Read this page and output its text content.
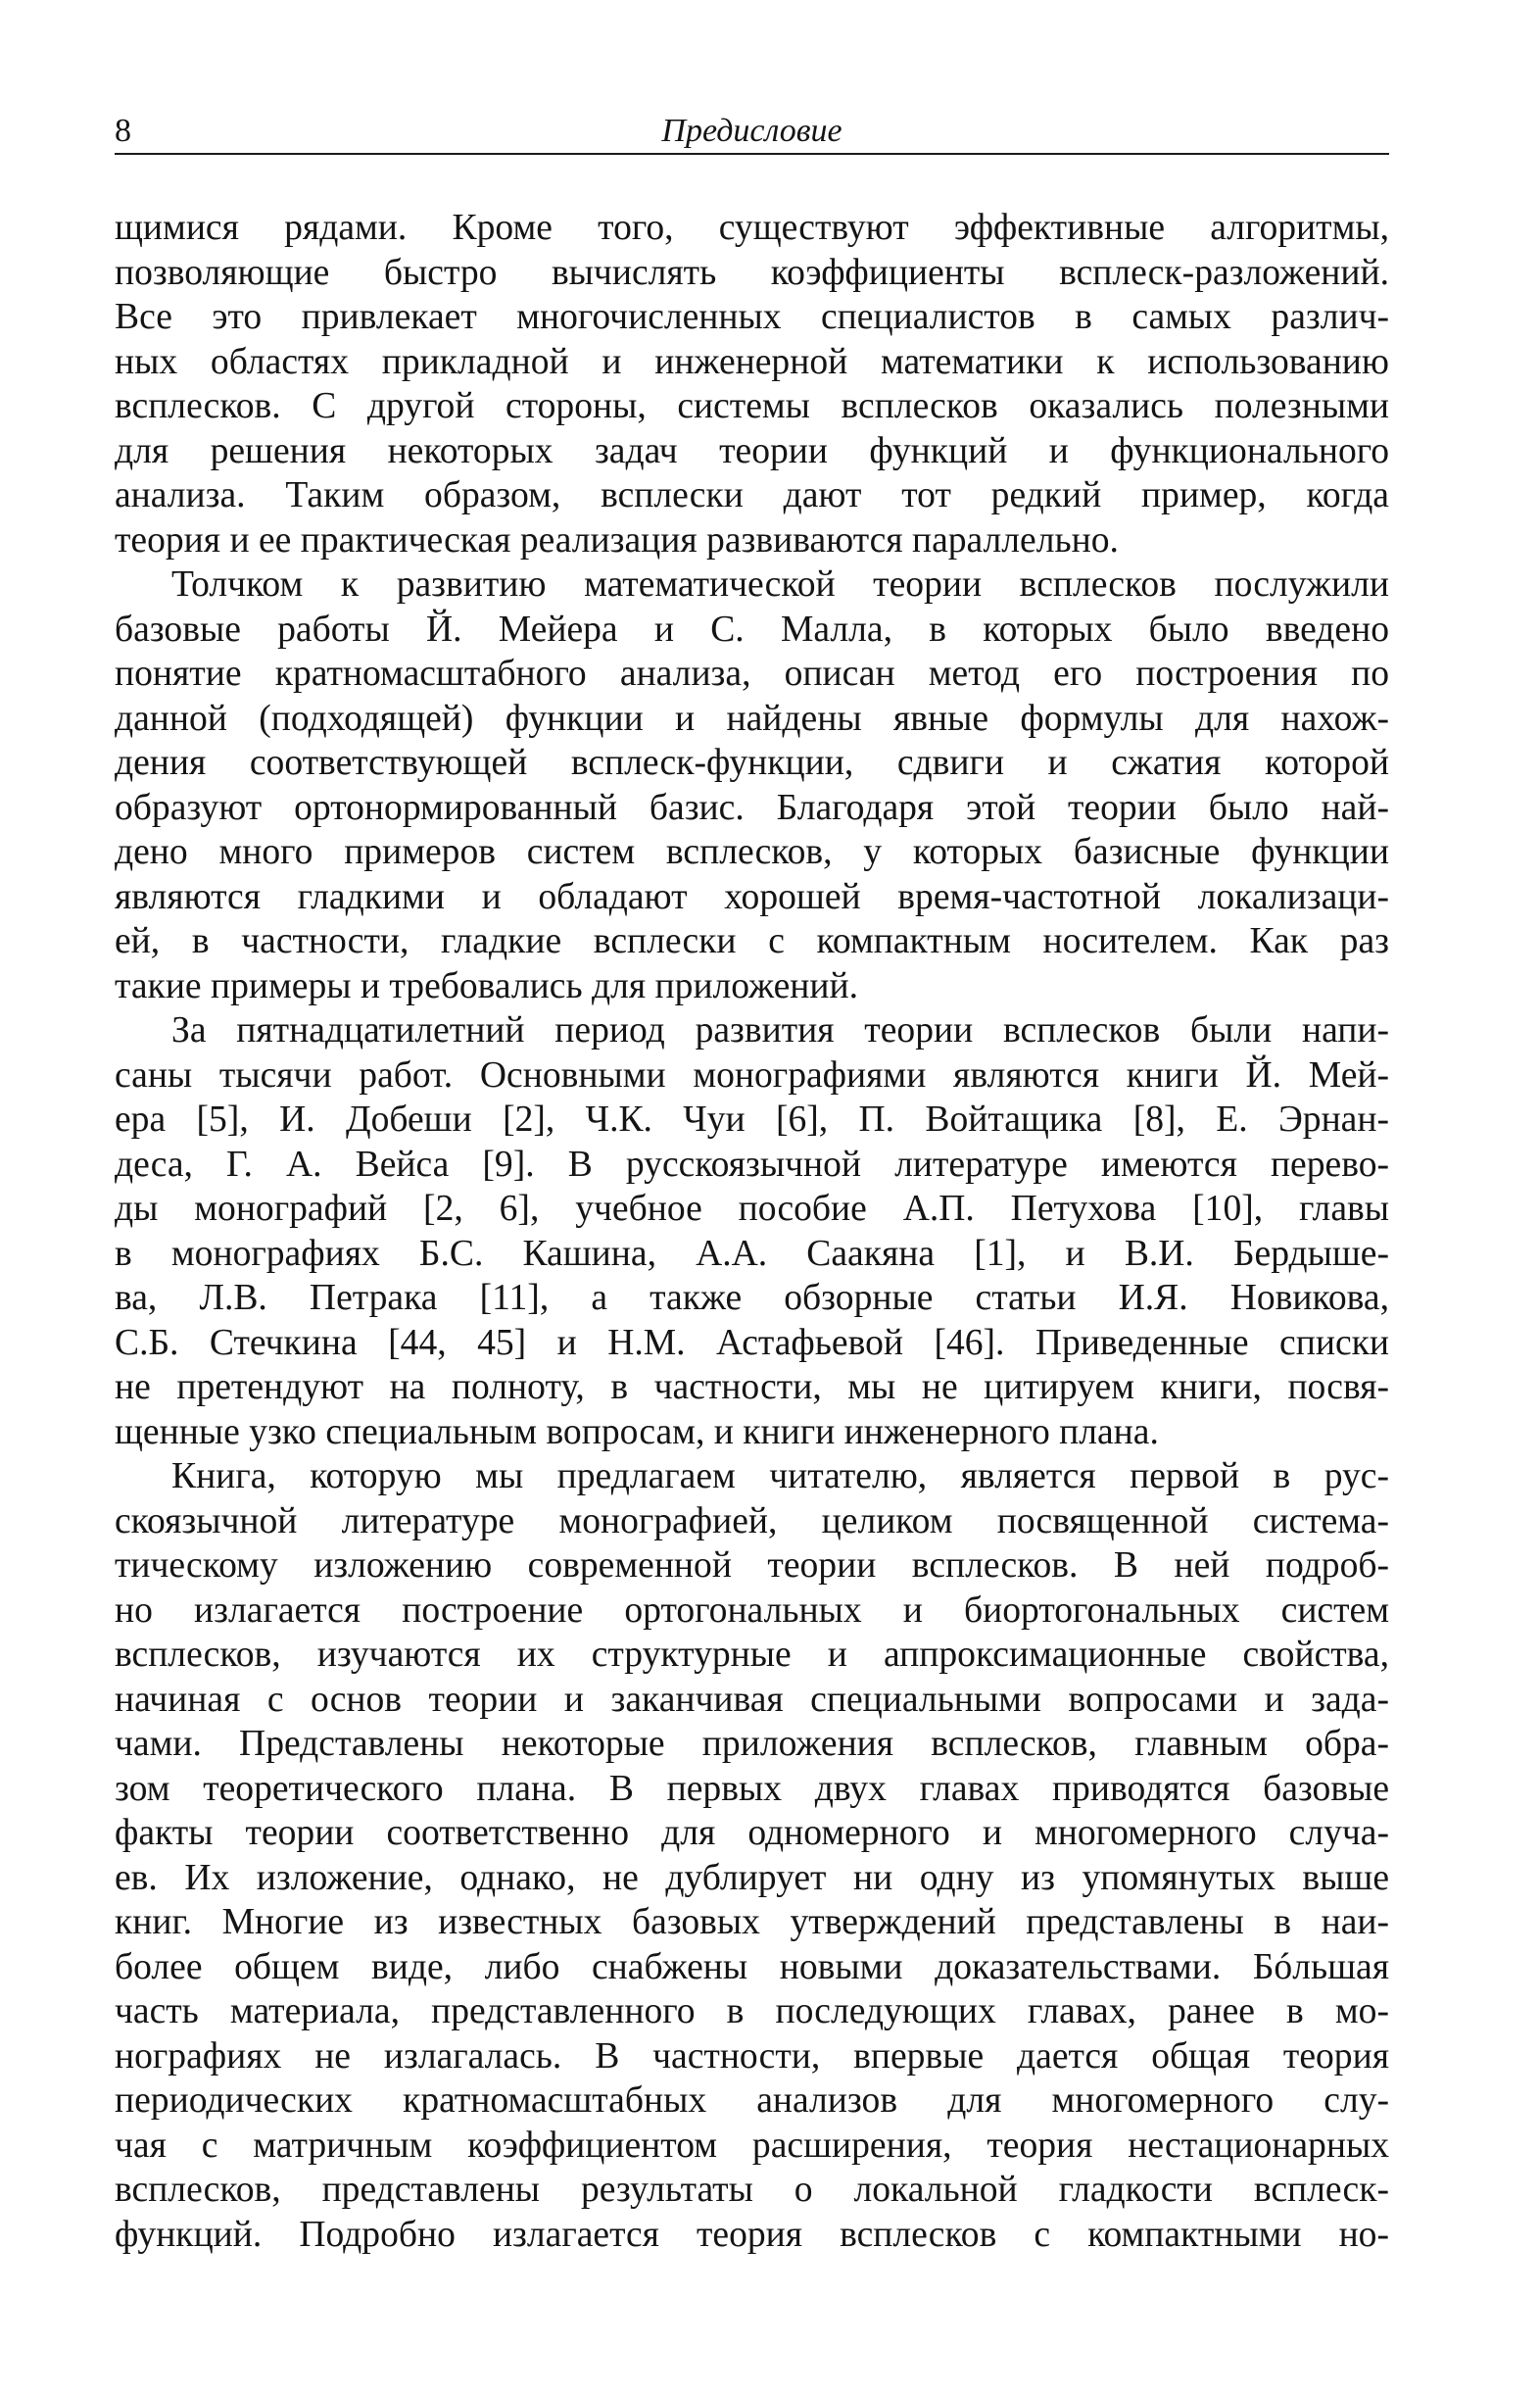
8	Предисловие
щимися рядами. Кроме того, существуют эффективные алгоритмы,
позволяющие быстро вычислять коэффициенты всплеск-разложений.
Все это привлекает многочисленных специалистов в самых различ-
ных областях прикладной и инженерной математики к использованию
всплесков. С другой стороны, системы всплесков оказались полезными
для решения некоторых задач теории функций и функционального
анализа. Таким образом, всплески дают тот редкий пример, когда
теория и ее практическая реализация развиваются параллельно.
Толчком к развитию математической теории всплесков послужили
базовые работы Й. Мейера и С. Малла, в которых было введено
понятие кратномасштабного анализа, описан метод его построения по
данной (подходящей) функции и найдены явные формулы для нахож-
дения соответствующей всплеск-функции, сдвиги и сжатия которой
образуют ортонормированный базис. Благодаря этой теории было най-
дено много примеров систем всплесков, у которых базисные функции
являются гладкими и обладают хорошей время-частотной локализаци-
ей, в частности, гладкие всплески с компактным носителем. Как раз
такие примеры и требовались для приложений.
За пятнадцатилетний период развития теории всплесков были напи-
саны тысячи работ. Основными монографиями являются книги Й. Мей-
ера [5], И. Добеши [2], Ч.К. Чуи [6], П. Войтащика [8], Е. Эрнан-
деса, Г. А. Вейса [9]. В русскоязычной литературе имеются перево-
ды монографий [2, 6], учебное пособие А.П. Петухова [10], главы
в монографиях Б.С. Кашина, А.А. Саакяна [1], и В.И. Бердыше-
ва, Л.В. Петрака [11], а также обзорные статьи И.Я. Новикова,
С.Б. Стечкина [44, 45] и Н.М. Астафьевой [46]. Приведенные списки
не претендуют на полноту, в частности, мы не цитируем книги, посвя-
щенные узко специальным вопросам, и книги инженерного плана.
Книга, которую мы предлагаем читателю, является первой в рус-
скоязычной литературе монографией, целиком посвященной система-
тическому изложению современной теории всплесков. В ней подроб-
но излагается построение ортогональных и биортогональных систем
всплесков, изучаются их структурные и аппроксимационные свойства,
начиная с основ теории и заканчивая специальными вопросами и зада-
чами. Представлены некоторые приложения всплесков, главным обра-
зом теоретического плана. В первых двух главах приводятся базовые
факты теории соответственно для одномерного и многомерного случа-
ев. Их изложение, однако, не дублирует ни одну из упомянутых выше
книг. Многие из известных базовых утверждений представлены в наи-
более общем виде, либо снабжены новыми доказательствами. Бóльшая
часть материала, представленного в последующих главах, ранее в мо-
нографиях не излагалась. В частности, впервые дается общая теория
периодических кратномасштабных анализов для многомерного слу-
чая с матричным коэффициентом расширения, теория нестационарных
всплесков, представлены результаты о локальной гладкости всплеск-
функций. Подробно излагается теория всплесков с компактными но-
